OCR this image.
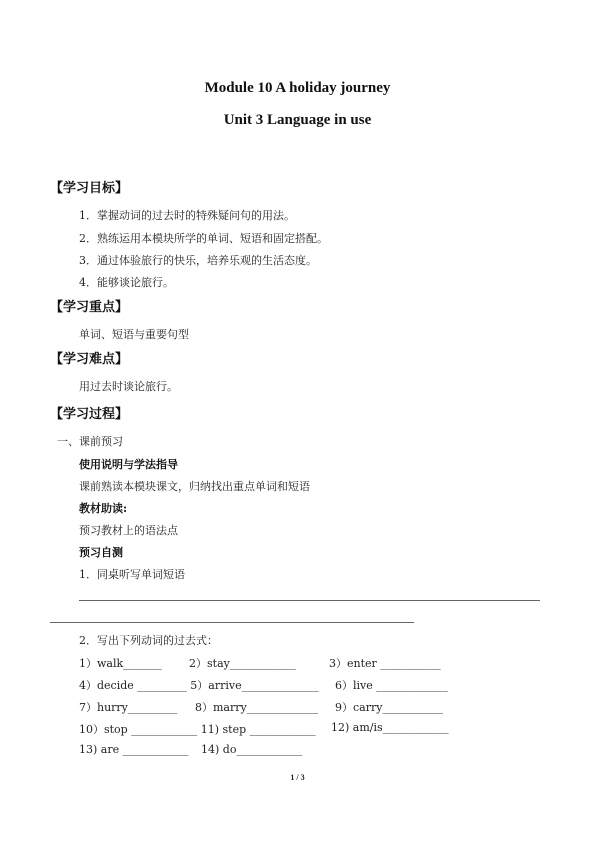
Module 10 A holiday journey
Unit 3 Language in use
【学习目标】
1．掌握动词的过去时的特殊疑问句的用法。
2．熟练运用本模块所学的单词、短语和固定搭配。
3．通过体验旅行的快乐，培养乐观的生活态度。
4．能够谈论旅行。
【学习重点】
单词、短语与重要句型
【学习难点】
用过去时谈论旅行。
【学习过程】
一、课前预习
使用说明与学法指导
课前熟读本模块课文，归纳找出重点单词和短语
教材助读:
预习教材上的语法点
预习自测
1．同桌听写单词短语
2．写出下列动词的过去式：
1）walk_______ 2）stay____________	3）enter ___________
4）decide _________ 5）arrive______________ 6）live _____________
7）hurry_________ 8）marry_____________ 9）carry___________
10）stop ____________ 11) step ____________ 12) am/is____________
13) are ____________ 14) do____________
1 / 3
